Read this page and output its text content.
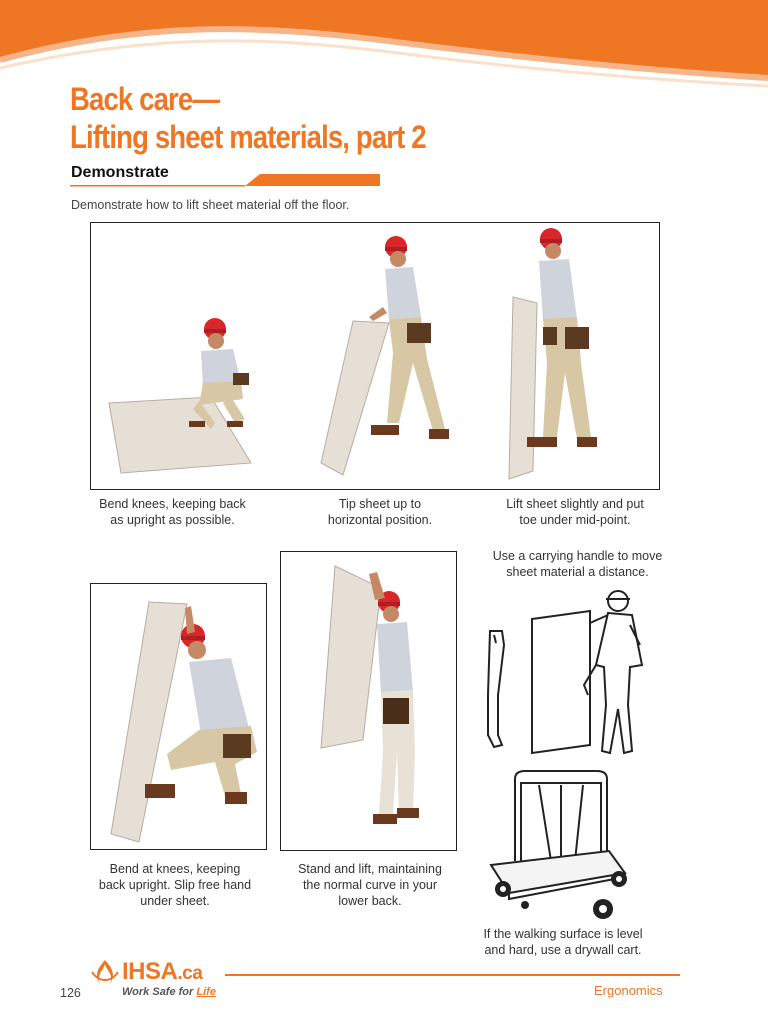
Back care—
Lifting sheet materials, part 2
Demonstrate
Demonstrate how to lift sheet material off the floor.
Bend knees, keeping back
as upright as possible.
Tip sheet up to
horizontal position.
Lift sheet slightly and put
toe under mid-point.
Bend at knees, keeping
back upright. Slip free hand
under sheet.
Stand and lift, maintaining
the normal curve in your
lower back.
Use a carrying handle to move
sheet material a distance.
If the walking surface is level
and hard, use a drywall cart.
126
IHSA.ca
Work Safe for Life	Ergonomics
